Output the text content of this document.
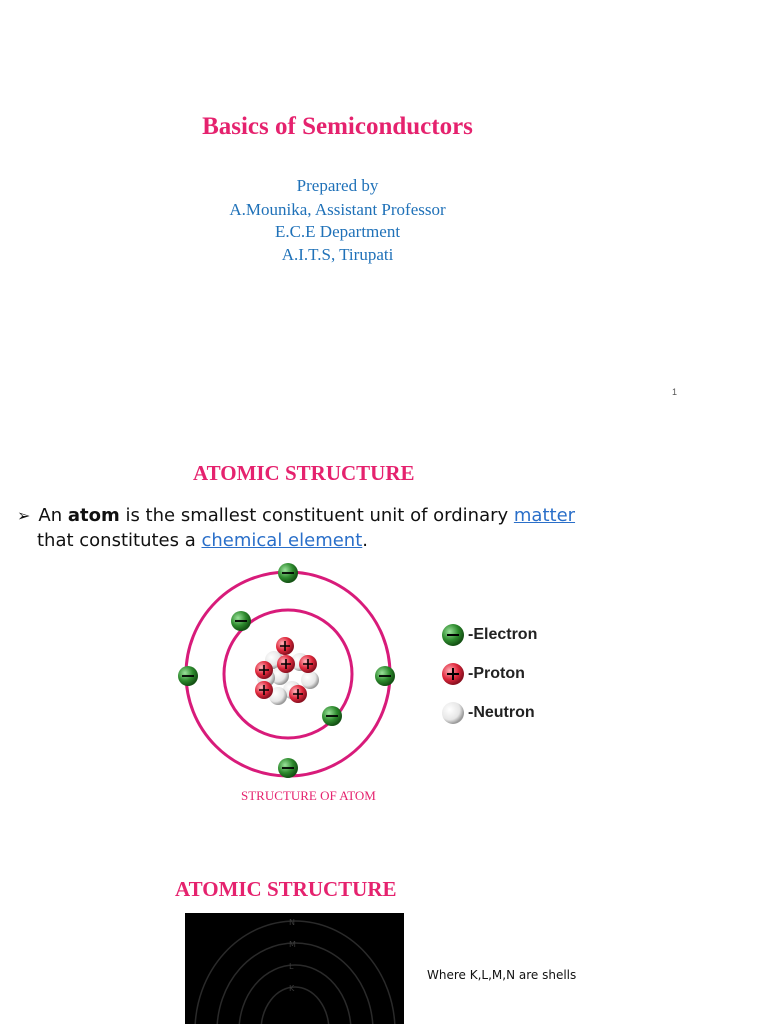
Basics of Semiconductors
Prepared by
A.Mounika, Assistant Professor
E.C.E Department
A.I.T.S, Tirupati
1
ATOMIC STRUCTURE
➢ An atom is the smallest constituent unit of ordinary matter
that constitutes a chemical element.
-Electron
-Proton
-Neutron
STRUCTURE OF ATOM
ATOMIC STRUCTURE
N
M
L
K
Where K,L,M,N are shells
